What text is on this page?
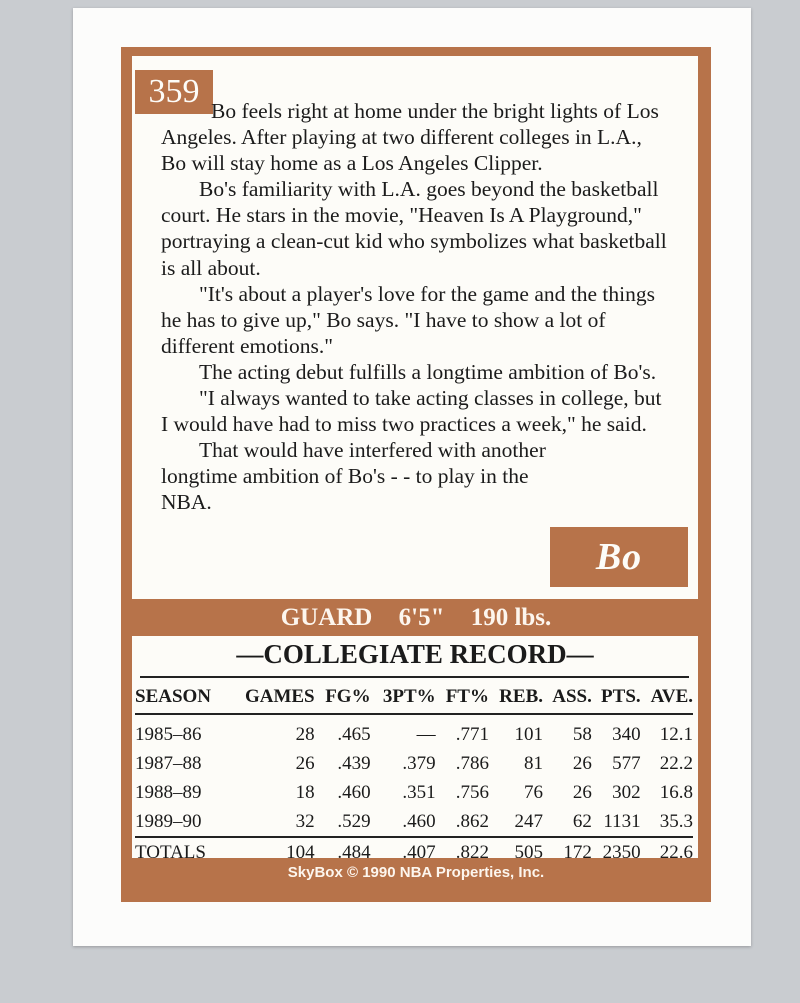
359

Bo feels right at home under the bright lights of Los Angeles. After playing at two different colleges in L.A., Bo will stay home as a Los Angeles Clipper.

Bo's familiarity with L.A. goes beyond the basketball court. He stars in the movie, "Heaven Is A Playground," portraying a clean-cut kid who symbolizes what basketball is all about.

"It's about a player's love for the game and the things he has to give up," Bo says. "I have to show a lot of different emotions."

The acting debut fulfills a longtime ambition of Bo's.

"I always wanted to take acting classes in college, but I would have had to miss two practices a week," he said.

That would have interfered with another longtime ambition of Bo's - - to play in the NBA.

Bo
GUARD 6'5" 190 lbs.
—COLLEGIATE RECORD—
SEASON	GAMES	FG%	3PT%	FT%	REB.	ASS.	PTS.	AVE.
1985–86	28	.465	—	.771	101	58	340	12.1
1987–88	26	.439	.379	.786	81	26	577	22.2
1988–89	18	.460	.351	.756	76	26	302	16.8
1989–90	32	.529	.460	.862	247	62	1131	35.3
TOTALS	104	.484	.407	.822	505	172	2350	22.6
SkyBox © 1990 NBA Properties, Inc.
